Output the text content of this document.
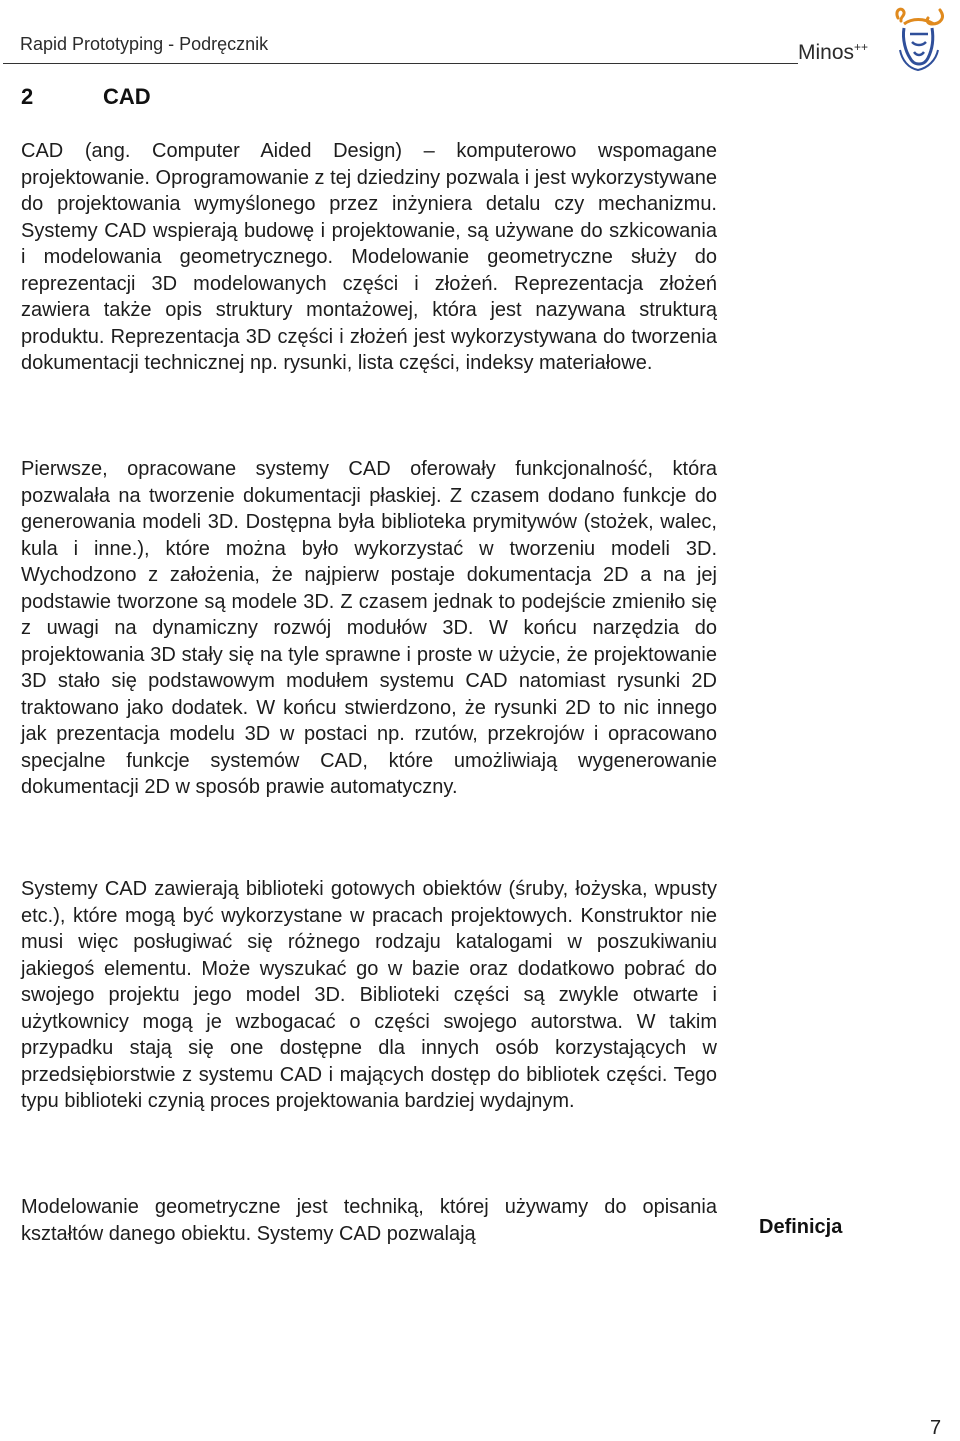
Rapid Prototyping - Podręcznik	Minos++
2	CAD

CAD (ang. Computer Aided Design) – komputerowo wspomagane projektowanie. Oprogramowanie z tej dziedziny pozwala i jest wykorzystywane do projektowania wymyślonego przez inżyniera detalu czy mechanizmu. Systemy CAD wspierają budowę i projektowanie, są używane do szkicowania i modelowania geometrycznego. Modelowanie geometryczne służy do reprezentacji 3D modelowanych części i złożeń. Reprezentacja złożeń zawiera także opis struktury montażowej, która jest nazywana strukturą produktu. Reprezentacja 3D części i złożeń jest wykorzystywana do tworzenia dokumentacji technicznej np. rysunki, lista części, indeksy materiałowe.

Pierwsze, opracowane systemy CAD oferowały funkcjonalność, która pozwalała na tworzenie dokumentacji płaskiej. Z czasem dodano funkcje do generowania modeli 3D. Dostępna była biblioteka prymitywów (stożek, walec, kula i inne.), które można było wykorzystać w tworzeniu modeli 3D. Wychodzono z założenia, że najpierw postaje dokumentacja 2D a na jej podstawie tworzone są modele 3D. Z czasem jednak to podejście zmieniło się z uwagi na dynamiczny rozwój modułów 3D. W końcu narzędzia do projektowania 3D stały się na tyle sprawne i proste w użycie, że projektowanie 3D stało się podstawowym modułem systemu CAD natomiast rysunki 2D traktowano jako dodatek. W końcu stwierdzono, że rysunki 2D to nic innego jak prezentacja modelu 3D w postaci np. rzutów, przekrojów i opracowano specjalne funkcje systemów CAD, które umożliwiają wygenerowanie dokumentacji 2D w sposób prawie automatyczny.

Systemy CAD zawierają biblioteki gotowych obiektów (śruby, łożyska, wpusty etc.), które mogą być wykorzystane w pracach projektowych. Konstruktor nie musi więc posługiwać się różnego rodzaju katalogami w poszukiwaniu jakiegoś elementu. Może wyszukać go w bazie oraz dodatkowo pobrać do swojego projektu jego model 3D. Biblioteki części są zwykle otwarte i użytkownicy mogą je wzbogacać o części swojego autorstwa. W takim przypadku stają się one dostępne dla innych osób korzystających w przedsiębiorstwie z systemu CAD i mających dostęp do bibliotek części. Tego typu biblioteki czynią proces projektowania bardziej wydajnym.

Modelowanie geometryczne jest techniką, której używamy do opisania kształtów danego obiektu. Systemy CAD pozwalają	Definicja
7
